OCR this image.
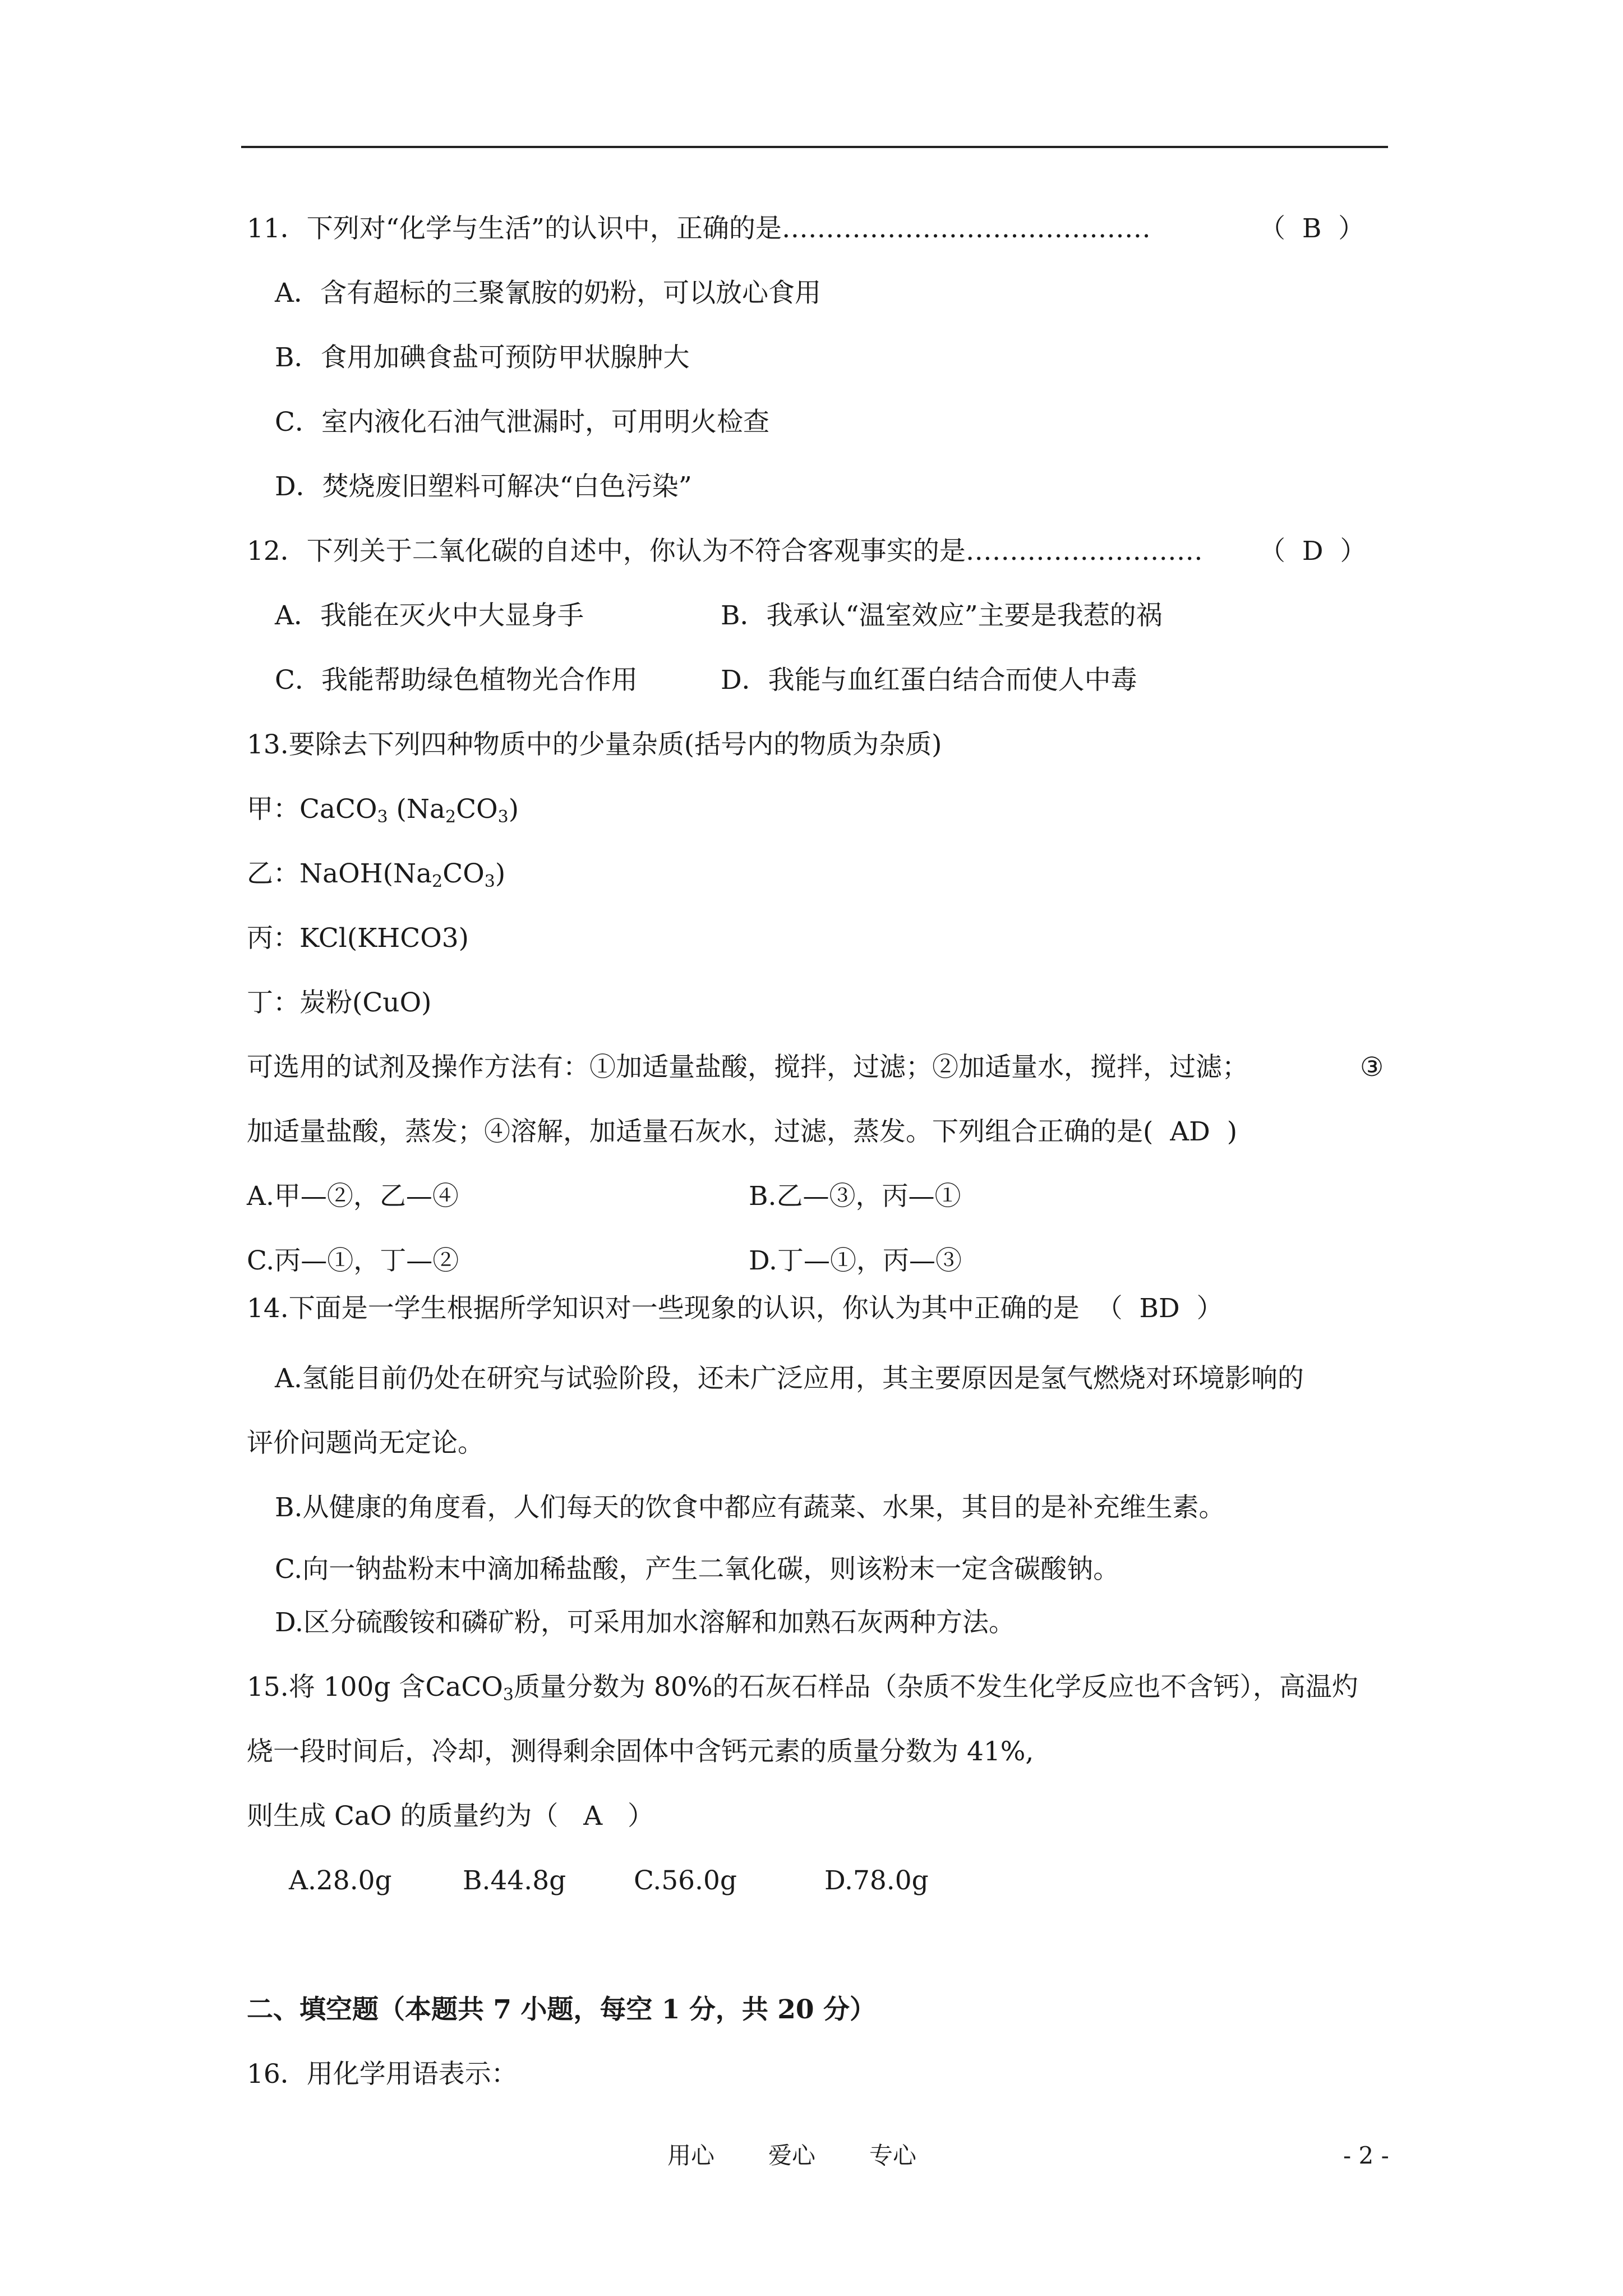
11．下列对“化学与生活”的认识中，正确的是……………………………………	（  B  ）
A．含有超标的三聚氰胺的奶粉，可以放心食用
B．食用加碘食盐可预防甲状腺肿大
C．室内液化石油气泄漏时，可用明火检查
D．焚烧废旧塑料可解决“白色污染”
12．下列关于二氧化碳的自述中，你认为不符合客观事实的是……………………… （  D  ）
A．我能在灭火中大显身手	B．我承认“温室效应”主要是我惹的祸
C．我能帮助绿色植物光合作用	D．我能与血红蛋白结合而使人中毒
13.要除去下列四种物质中的少量杂质(括号内的物质为杂质)
甲：CaCO$_3$ $(Na_2CO_3)$
乙：$NaOH(Na_2CO_3)$
丙：KCl(KHCO3)
丁：炭粉(CuO)
可选用的试剂及操作方法有：①加适量盐酸，搅拌，过滤；②加适量水，搅拌，过滤；	③
加适量盐酸，蒸发；④溶解，加适量石灰水，过滤，蒸发。下列组合正确的是(  AD  )
A.甲—②，乙—④	B.乙—③，丙—①
C.丙—①，丁—②	D.丁—①，丙—③
14.下面是一学生根据所学知识对一些现象的认识，你认为其中正确的是  （  BD  ）
A.氢能目前仍处在研究与试验阶段，还未广泛应用，其主要原因是氢气燃烧对环境影响的
评价问题尚无定论。
B.从健康的角度看，人们每天的饮食中都应有蔬菜、水果，其目的是补充维生素。
C.向一钠盐粉末中滴加稀盐酸，产生二氧化碳，则该粉末一定含碳酸钠。
D.区分硫酸铵和磷矿粉，可采用加水溶解和加熟石灰两种方法。
15.将 100g 含CaCO$_3$质量分数为 80%的石灰石样品（杂质不发生化学反应也不含钙），高温灼
烧一段时间后，冷却，测得剩余固体中含钙元素的质量分数为 41%,
则生成 CaO 的质量约为（   A   ）
A.28.0g	B.44.8g	C.56.0g	D.78.0g
二、填空题（本题共 7 小题，每空 1 分，共 20 分）
16．用化学用语表示：
用心 爱心 专心	- 2 -
